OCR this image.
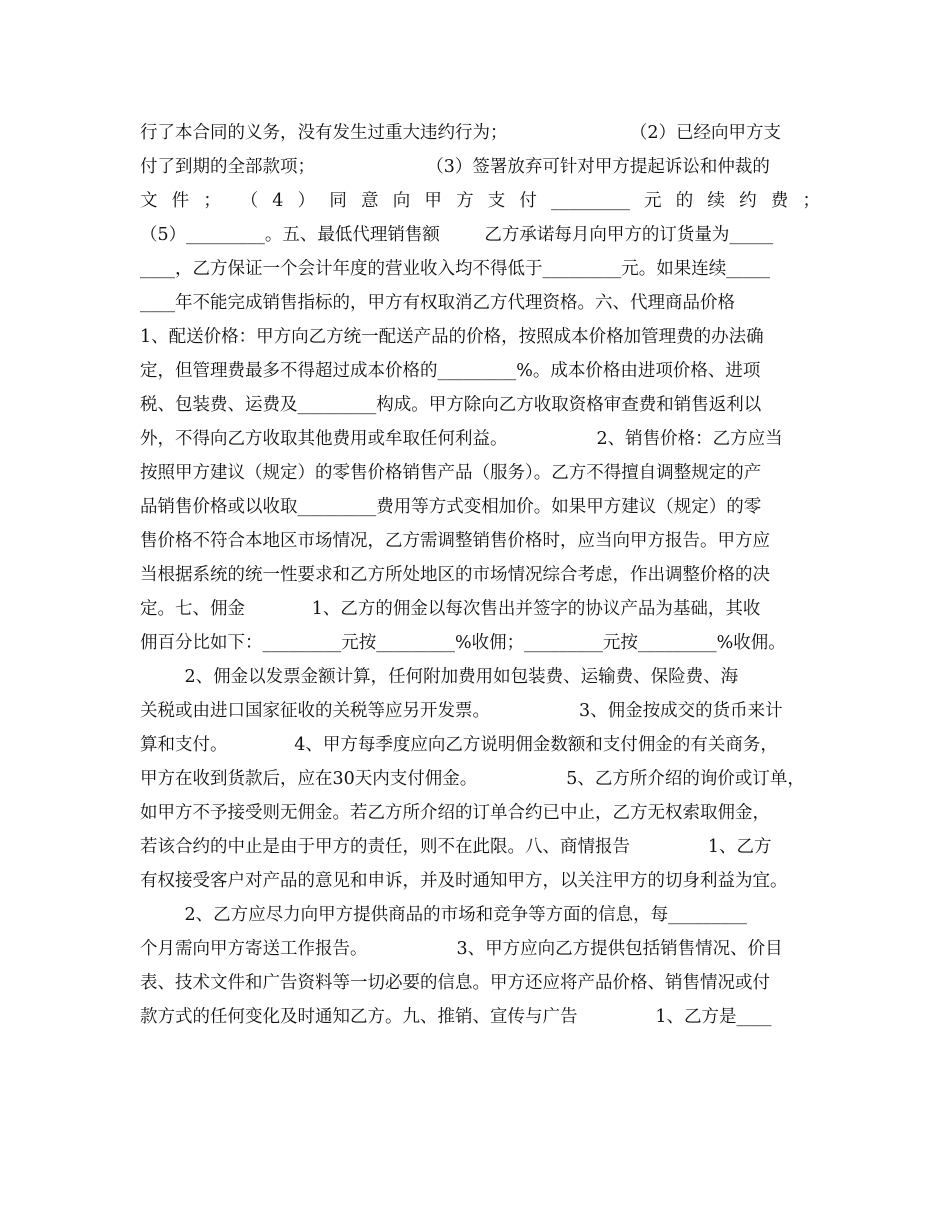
行了本合同的义务，没有发生过重大违约行为；                      （2）已经向甲方支
付了到期的全部款项；                    （3）签署放弃可针对甲方提起诉讼和仲裁的
文件； （4）同意向甲方支付_________元的续约费；
（5）_________。五、最低代理销售额        乙方承诺每月向甲方的订货量为_____
____，乙方保证一个会计年度的营业收入均不得低于_________元。如果连续_____
____年不能完成销售指标的，甲方有权取消乙方代理资格。六、代理商品价格
1、配送价格：甲方向乙方统一配送产品的价格，按照成本价格加管理费的办法确
定，但管理费最多不得超过成本价格的_________%。成本价格由进项价格、进项
税、包装费、运费及_________构成。甲方除向乙方收取资格审查费和销售返利以
外，不得向乙方收取其他费用或牟取任何利益。                2、销售价格：乙方应当
按照甲方建议（规定）的零售价格销售产品（服务）。乙方不得擅自调整规定的产
品销售价格或以收取_________费用等方式变相加价。如果甲方建议（规定）的零
售价格不符合本地区市场情况，乙方需调整销售价格时，应当向甲方报告。甲方应
当根据系统的统一性要求和乙方所处地区的市场情况综合考虑，作出调整价格的决
定。七、佣金            1、乙方的佣金以每次售出并签字的协议产品为基础，其收
佣百分比如下：_________元按_________%收佣；_________元按_________%收佣。
2、佣金以发票金额计算，任何附加费用如包装费、运输费、保险费、海
关税或由进口国家征收的关税等应另开发票。                3、佣金按成交的货币来计
算和支付。            4、甲方每季度应向乙方说明佣金数额和支付佣金的有关商务，
甲方在收到货款后，应在30天内支付佣金。                5、乙方所介绍的询价或订单，
如甲方不予接受则无佣金。若乙方所介绍的订单合约已中止，乙方无权索取佣金，
若该合约的中止是由于甲方的责任，则不在此限。八、商情报告              1、乙方
有权接受客户对产品的意见和申诉，并及时通知甲方，以关注甲方的切身利益为宜。
2、乙方应尽力向甲方提供商品的市场和竞争等方面的信息，每_________
个月需向甲方寄送工作报告。                3、甲方应向乙方提供包括销售情况、价目
表、技术文件和广告资料等一切必要的信息。甲方还应将产品价格、销售情况或付
款方式的任何变化及时通知乙方。九、推销、宣传与广告              1、乙方是____
